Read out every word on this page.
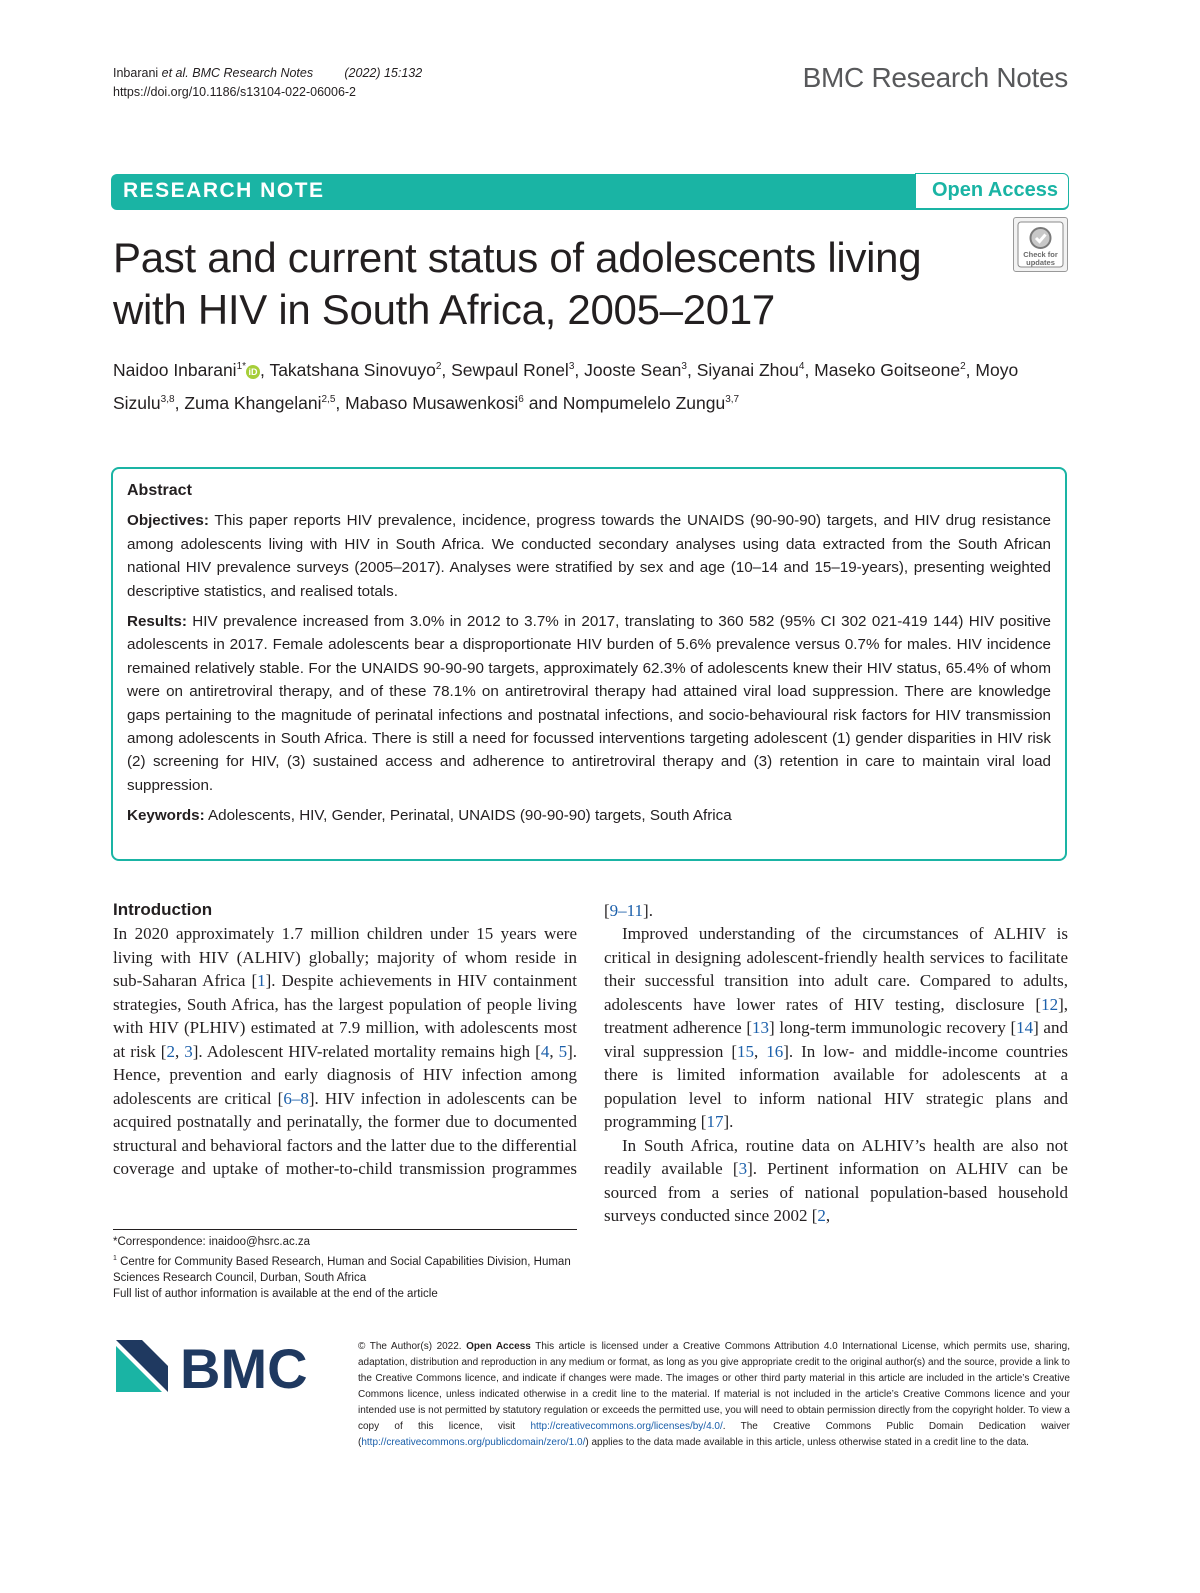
Inbarani et al. BMC Research Notes	(2022) 15:132
https://doi.org/10.1186/s13104-022-06006-2	BMC Research Notes
RESEARCH NOTE	Open Access
Check for
updates
Past and current status of adolescents living with HIV in South Africa, 2005–2017
Naidoo Inbarani$^{1*}$ iD , Takatshana Sinovuyo$^2$, Sewpaul Ronel$^3$, Jooste Sean$^3$, Siyanai Zhou$^4$, Maseko Goitseone$^2$, Moyo Sizulu$^{3,8}$, Zuma Khangelani$^{2,5}$, Mabaso Musawenkosi$^6$ and Nompumelelo Zungu$^{3,7}$
Abstract

Objectives: This paper reports HIV prevalence, incidence, progress towards the UNAIDS (90-90-90) targets, and HIV drug resistance among adolescents living with HIV in South Africa. We conducted secondary analyses using data extracted from the South African national HIV prevalence surveys (2005–2017). Analyses were stratified by sex and age (10–14 and 15–19-years), presenting weighted descriptive statistics, and realised totals.

Results: HIV prevalence increased from 3.0% in 2012 to 3.7% in 2017, translating to 360 582 (95% CI 302 021-419 144) HIV positive adolescents in 2017. Female adolescents bear a disproportionate HIV burden of 5.6% prevalence versus 0.7% for males. HIV incidence remained relatively stable. For the UNAIDS 90-90-90 targets, approximately 62.3% of adolescents knew their HIV status, 65.4% of whom were on antiretroviral therapy, and of these 78.1% on antiretroviral therapy had attained viral load suppression. There are knowledge gaps pertaining to the magnitude of perinatal infections and postnatal infections, and socio-behavioural risk factors for HIV transmission among adolescents in South Africa. There is still a need for focussed interventions targeting adolescent (1) gender disparities in HIV risk (2) screening for HIV, (3) sustained access and adherence to antiretroviral therapy and (3) retention in care to maintain viral load suppression.

Keywords: Adolescents, HIV, Gender, Perinatal, UNAIDS (90-90-90) targets, South Africa

Introduction

In 2020 approximately 1.7 million children under 15 years were living with HIV (ALHIV) globally; majority of whom reside in sub-Saharan Africa [1]. Despite achievements in HIV containment strategies, South Africa, has the largest population of people living with HIV (PLHIV) estimated at 7.9 million, with adolescents most at risk [2, 3]. Adolescent HIV-related mortality remains high [4, 5]. Hence, prevention and early diagnosis of HIV infection among adolescents are critical [6–8]. HIV infection in adolescents can be acquired postnatally and perinatally, the former due to documented structural and behavioral factors and the latter due to the differential coverage and uptake of mother-to-child transmission programmes

[9–11].

Improved understanding of the circumstances of ALHIV is critical in designing adolescent-friendly health services to facilitate their successful transition into adult care. Compared to adults, adolescents have lower rates of HIV testing, disclosure [12], treatment adherence [13] long-term immunologic recovery [14] and viral suppression [15, 16]. In low- and middle-income countries there is limited information available for adolescents at a population level to inform national HIV strategic plans and programming [17].

In South Africa, routine data on ALHIV’s health are also not readily available [3]. Pertinent information on ALHIV can be sourced from a series of national population-based household surveys conducted since 2002 [2,

*Correspondence: inaidoo@hsrc.ac.za
$^1$ Centre for Community Based Research, Human and Social Capabilities Division, Human Sciences Research Council, Durban, South Africa
Full list of author information is available at the end of the article
BMC	© The Author(s) 2022. Open Access This article is licensed under a Creative Commons Attribution 4.0 International License, which permits use, sharing, adaptation, distribution and reproduction in any medium or format, as long as you give appropriate credit to the original author(s) and the source, provide a link to the Creative Commons licence, and indicate if changes were made. The images or other third party material in this article are included in the article’s Creative Commons licence, unless indicated otherwise in a credit line to the material. If material is not included in the article’s Creative Commons licence and your intended use is not permitted by statutory regulation or exceeds the permitted use, you will need to obtain permission directly from the copyright holder. To view a copy of this licence, visit http://creativecommons.org/licenses/by/4.0/. The Creative Commons Public Domain Dedication waiver (http://creativecommons.org/publicdomain/zero/1.0/) applies to the data made available in this article, unless otherwise stated in a credit line to the data.
